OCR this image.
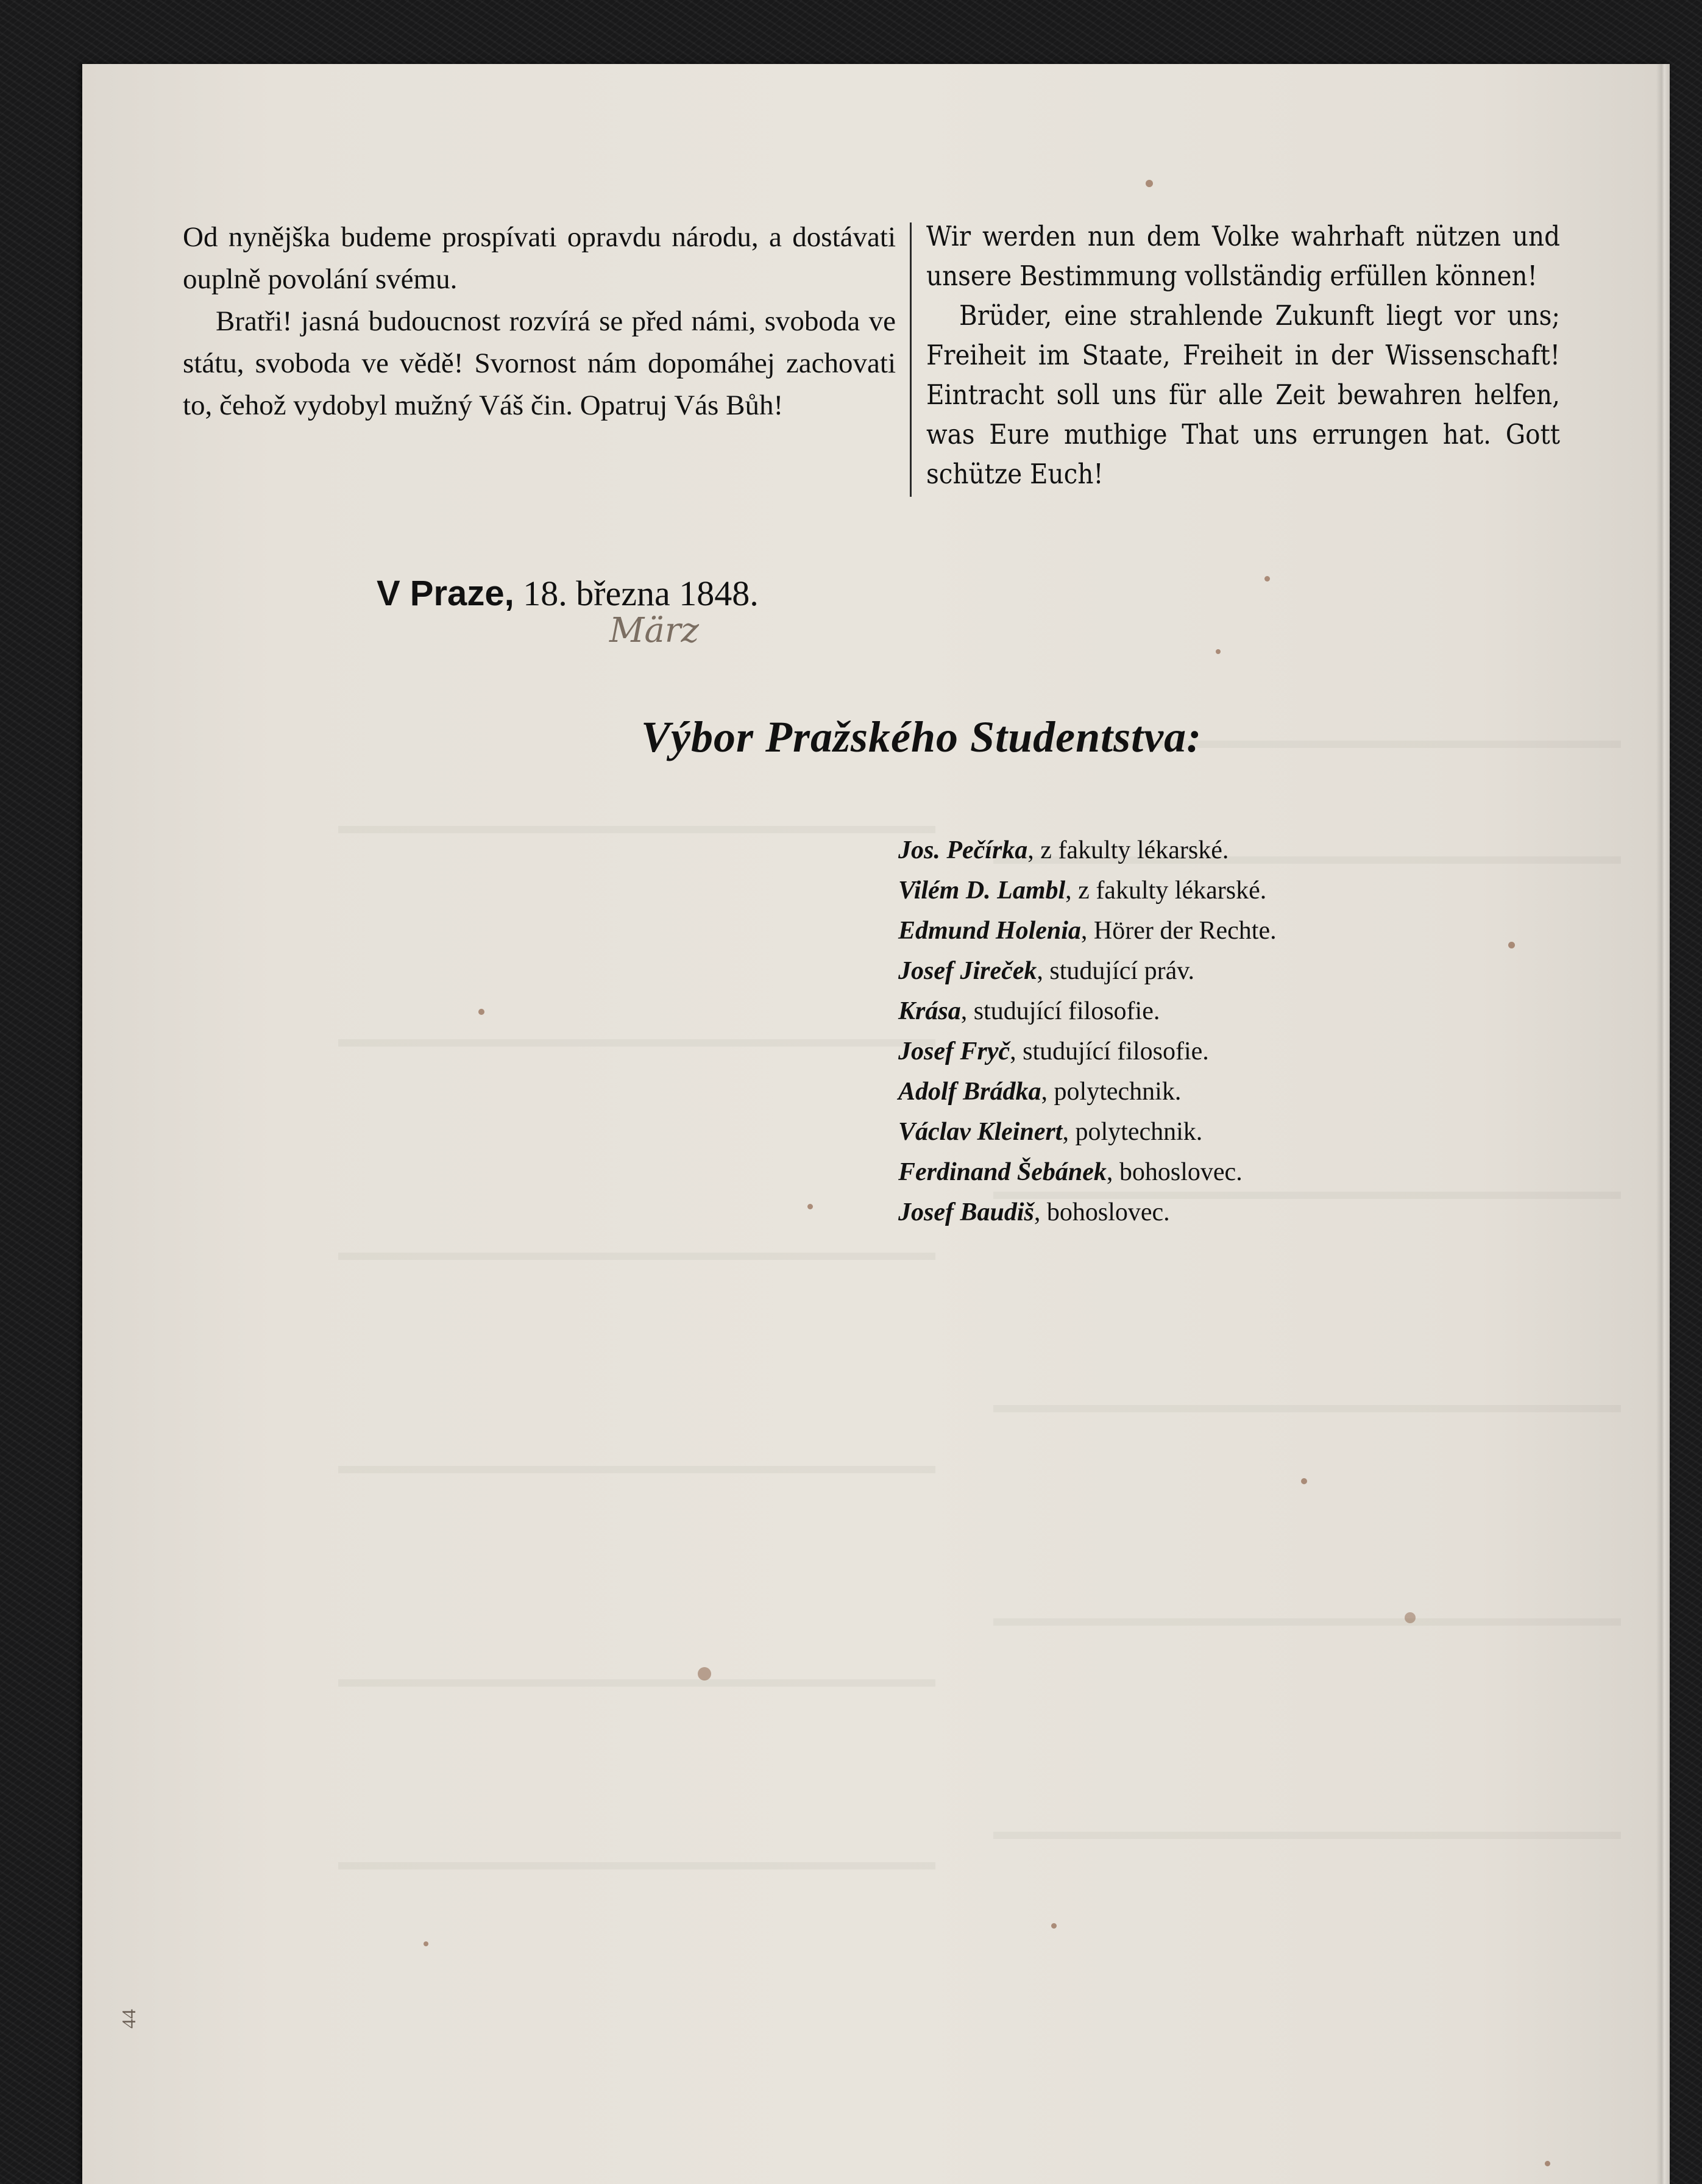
Od nynějška budeme prospívati opravdu národu, a dostávati ouplně povolání svému.

Bratři! jasná budoucnost rozvírá se před námi, svoboda ve státu, svoboda ve vědě! Svornost nám dopomáhej zachovati to, čehož vydobyl mužný Váš čin. Opatruj Vás Bůh!

Wir werden nun dem Volke wahrhaft nützen und unsere Bestimmung vollständig erfüllen können!

Brüder, eine strahlende Zukunft liegt vor uns; Freiheit im Staate, Freiheit in der Wissenschaft! Eintracht soll uns für alle Zeit bewahren helfen, was Eure muthige That uns errungen hat. Gott schütze Euch!

V Praze, 18. března 1848.
März
Výbor Pražského Studentstva:
Jos. Pečírka, z fakulty lékarské.
Vilém D. Lambl, z fakulty lékarské.
Edmund Holenia, Hörer der Rechte.
Josef Jireček, studující práv.
Krása, studující filosofie.
Josef Fryč, studující filosofie.
Adolf Brádka, polytechnik.
Václav Kleinert, polytechnik.
Ferdinand Šebánek, bohoslovec.
Josef Baudiš, bohoslovec.
44
